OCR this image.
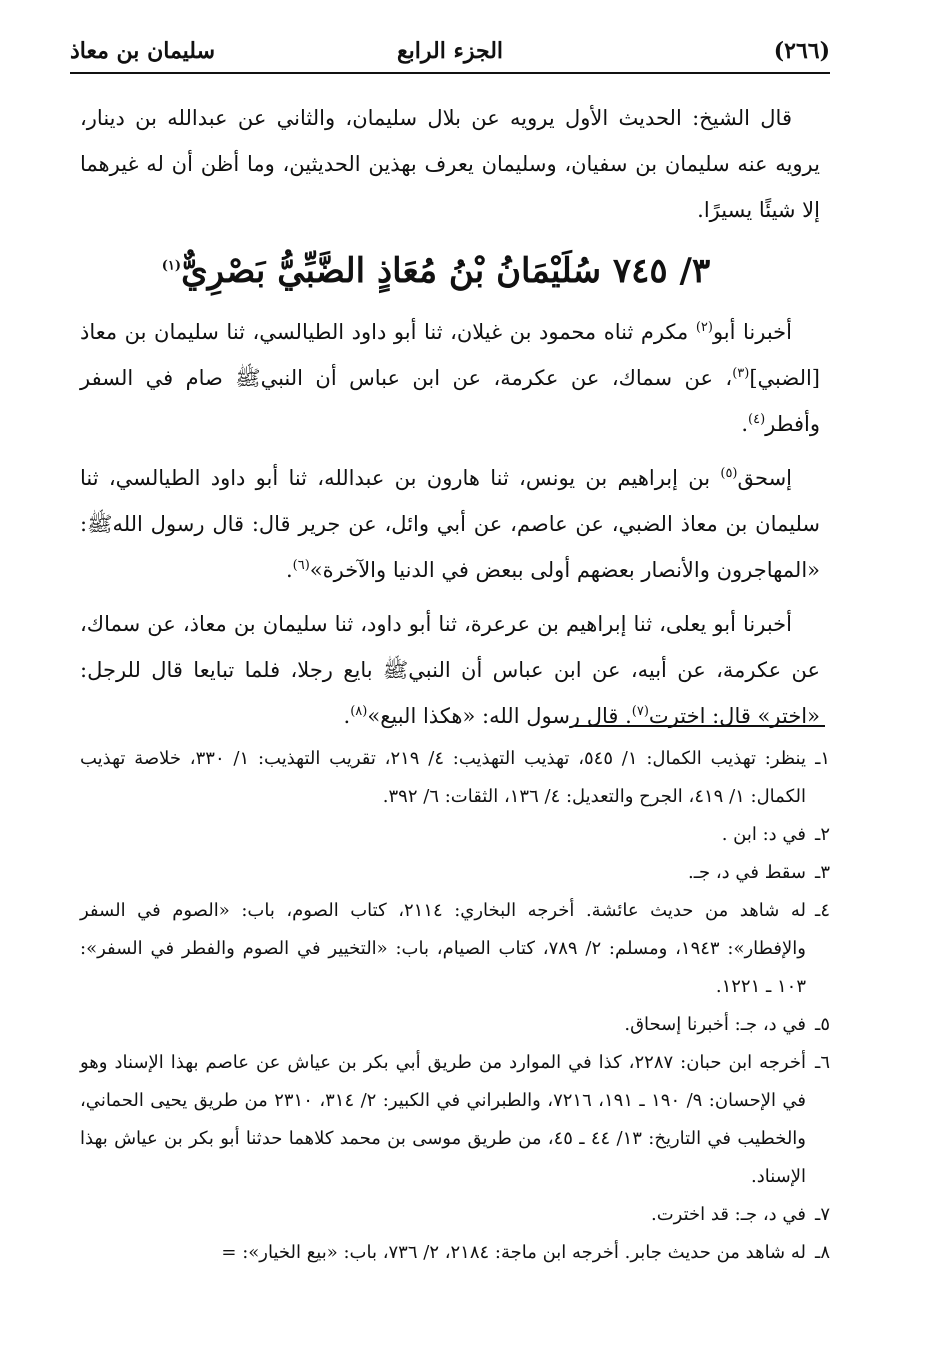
(٢٦٦)
الجزء الرابع
سليمان بن معاذ

قال الشيخ: الحديث الأول يرويه عن بلال سليمان، والثاني عن عبدالله بن دينار، يرويه عنه سليمان بن سفيان، وسليمان يعرف بهذين الحديثين، وما أظن أن له غيرهما إلا شيئًا يسيرًا.

٣/ ٧٤٥ سُلَيْمَانُ بْنُ مُعَاذٍ الضَّبِّيُّ بَصْرِيٌّ$^{(١)}$

أخبرنا أبو$^{(٢)}$ مكرم ثناه محمود بن غيلان، ثنا أبو داود الطيالسي، ثنا سليمان بن معاذ [الضبي]$^{(٣)}$، عن سماك، عن عكرمة، عن ابن عباس أن النبيﷺ صام في السفر وأفطر$^{(٤)}$.

إسحق$^{(٥)}$ بن إبراهيم بن يونس، ثنا هارون بن عبدالله، ثنا أبو داود الطيالسي، ثنا سليمان بن معاذ الضبي، عن عاصم، عن أبي وائل، عن جرير قال: قال رسول اللهﷺ: «المهاجرون والأنصار بعضهم أولى ببعض في الدنيا والآخرة»$^{(٦)}$.

أخبرنا أبو يعلى، ثنا إبراهيم بن عرعرة، ثنا أبو داود، ثنا سليمان بن معاذ، عن سماك، عن عكرمة، عن أبيه، عن ابن عباس أن النبيﷺ بايع رجلا، فلما تبايعا قال للرجل: «اختر» قال: اخترت$^{(٧)}$. قال رسول الله: «هكذا البيع»$^{(٨)}$.

١ـينظر: تهذيب الكمال: ١/ ٥٤٥، تهذيب التهذيب: ٤/ ٢١٩، تقريب التهذيب: ١/ ٣٣٠، خلاصة تهذيب الكمال: ١/ ٤١٩، الجرح والتعديل: ٤/ ١٣٦، الثقات: ٦/ ٣٩٢.

٢ـفي د: ابن .

٣ـسقط في د، جـ.

٤ـله شاهد من حديث عائشة. أخرجه البخاري: ٢١١٤، كتاب الصوم، باب: «الصوم في السفر والإفطار»: ١٩٤٣، ومسلم: ٢/ ٧٨٩، كتاب الصيام، باب: «التخيير في الصوم والفطر في السفر»: ١٠٣ ـ ١٢٢١.

٥ـفي د، جـ: أخبرنا إسحاق.

٦ـأخرجه ابن حبان: ٢٢٨٧، كذا في الموارد من طريق أبي بكر بن عياش عن عاصم بهذا الإسناد وهو في الإحسان: ٩/ ١٩٠ ـ ١٩١، ٧٢١٦، والطبراني في الكبير: ٢/ ٣١٤، ٢٣١٠ من طريق يحيى الحماني، والخطيب في التاريخ: ١٣/ ٤٤ ـ ٤٥، من طريق موسى بن محمد كلاهما حدثنا أبو بكر بن عياش بهذا الإسناد.

٧ـفي د، جـ: قد اخترت.

٨ـله شاهد من حديث جابر. أخرجه ابن ماجة: ٢١٨٤، ٢/ ٧٣٦، باب: «بيع الخيار»: =
